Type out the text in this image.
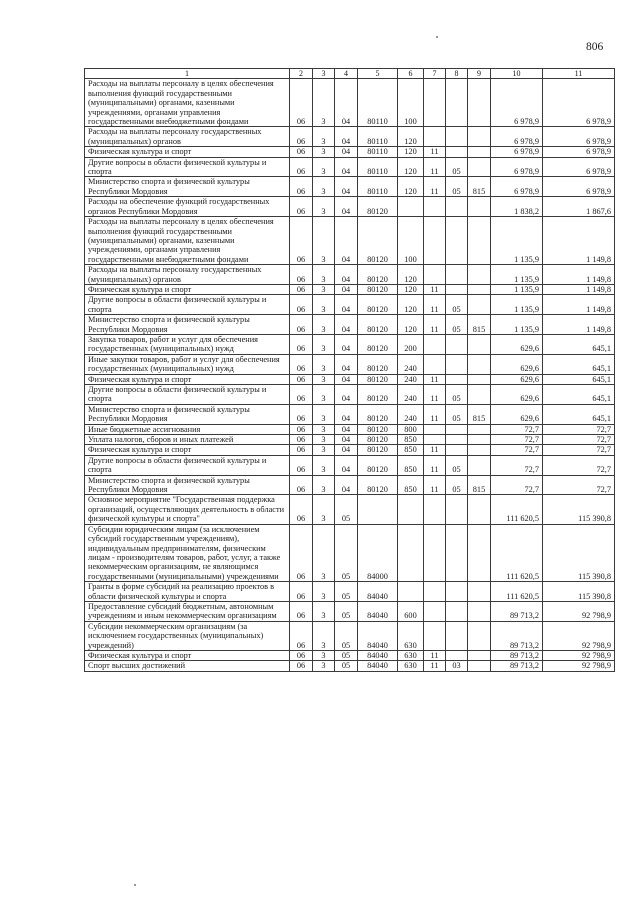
806
1	2	3	4	5	6	7	8	9	10	11
Расходы на выплаты персоналу в целях обеспечения выполнения функций государственными (муниципальными) органами, казенными учреждениями, органами управления государственными внебюджетными фондами	06	3	04	80110	100				6 978,9	6 978,9
Расходы на выплаты персоналу государственных (муниципальных) органов	06	3	04	80110	120				6 978,9	6 978,9
Физическая культура и спорт	06	3	04	80110	120	11			6 978,9	6 978,9
Другие вопросы в области физической культуры и спорта	06	3	04	80110	120	11	05		6 978,9	6 978,9
Министерство спорта и физической культуры Республики Мордовия	06	3	04	80110	120	11	05	815	6 978,9	6 978,9
Расходы на обеспечение функций государственных органов Республики Мордовия	06	3	04	80120					1 838,2	1 867,6
Расходы на выплаты персоналу в целях обеспечения выполнения функций государственными (муниципальными) органами, казенными учреждениями, органами управления государственными внебюджетными фондами	06	3	04	80120	100				1 135,9	1 149,8
Расходы на выплаты персоналу государственных (муниципальных) органов	06	3	04	80120	120				1 135,9	1 149,8
Физическая культура и спорт	06	3	04	80120	120	11			1 135,9	1 149,8
Другие вопросы в области физической культуры и спорта	06	3	04	80120	120	11	05		1 135,9	1 149,8
Министерство спорта и физической культуры Республики Мордовия	06	3	04	80120	120	11	05	815	1 135,9	1 149,8
Закупка товаров, работ и услуг для обеспечения государственных (муниципальных) нужд	06	3	04	80120	200				629,6	645,1
Иные закупки товаров, работ и услуг для обеспечения государственных (муниципальных) нужд	06	3	04	80120	240				629,6	645,1
Физическая культура и спорт	06	3	04	80120	240	11			629,6	645,1
Другие вопросы в области физической культуры и спорта	06	3	04	80120	240	11	05		629,6	645,1
Министерство спорта и физической культуры Республики Мордовия	06	3	04	80120	240	11	05	815	629,6	645,1
Иные бюджетные ассигнования	06	3	04	80120	800				72,7	72,7
Уплата налогов, сборов и иных платежей	06	3	04	80120	850				72,7	72,7
Физическая культура и спорт	06	3	04	80120	850	11			72,7	72,7
Другие вопросы в области физической культуры и спорта	06	3	04	80120	850	11	05		72,7	72,7
Министерство спорта и физической культуры Республики Мордовия	06	3	04	80120	850	11	05	815	72,7	72,7
Основное мероприятие "Государственная поддержка организаций, осуществляющих деятельность в области физической культуры и спорта"	06	3	05						111 620,5	115 390,8
Субсидии юридическим лицам (за исключением субсидий государственным учреждениям), индивидуальным предпринимателям, физическим лицам - производителям товаров, работ, услуг, а также некоммерческим организациям, не являющимся государственными (муниципальными) учреждениями	06	3	05	84000					111 620,5	115 390,8
Гранты в форме субсидий на реализацию проектов в области физической культуры и спорта	06	3	05	84040					111 620,5	115 390,8
Предоставление субсидий бюджетным, автономным учреждениям и иным некоммерческим организациям	06	3	05	84040	600				89 713,2	92 798,9
Субсидии некоммерческим организациям (за исключением государственных (муниципальных) учреждений)	06	3	05	84040	630				89 713,2	92 798,9
Физическая культура и спорт	06	3	05	84040	630	11			89 713,2	92 798,9
Спорт высших достижений	06	3	05	84040	630	11	03		89 713,2	92 798,9
